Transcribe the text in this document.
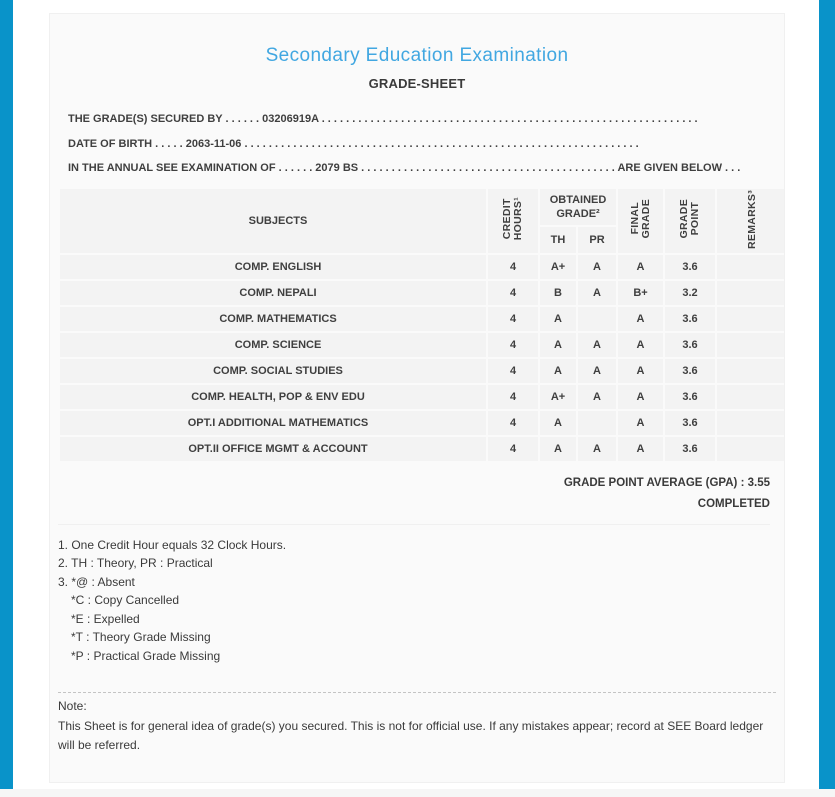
Secondary Education Examination
GRADE-SHEET
THE GRADE(S) SECURED BY . . . . . . 03206919A . . . . . . . . . . . . . . . . . . . . . . . . . . . . . . . . . . . . . . . . . . . . . . . . . . . . . . . . . . . . . .
DATE OF BIRTH . . . . . 2063-11-06 . . . . . . . . . . . . . . . . . . . . . . . . . . . . . . . . . . . . . . . . . . . . . . . . . . . . . . . . . . . . . . . . .
IN THE ANNUAL SEE EXAMINATION OF . . . . . . 2079 BS . . . . . . . . . . . . . . . . . . . . . . . . . . . . . . . . . . . . . . . . . . ARE GIVEN BELOW . . .
SUBJECTS	CREDIT HOURS¹	OBTAINED GRADE²		FINAL GRADE	GRADE POINT	REMARKS³

		TH	PR			
COMP. ENGLISH	4	A+	A	A	3.6	
COMP. NEPALI	4	B	A	B+	3.2	
COMP. MATHEMATICS	4	A		A	3.6	
COMP. SCIENCE	4	A	A	A	3.6	
COMP. SOCIAL STUDIES	4	A	A	A	3.6	
COMP. HEALTH, POP & ENV EDU	4	A+	A	A	3.6	
OPT.I ADDITIONAL MATHEMATICS	4	A		A	3.6	
OPT.II OFFICE MGMT & ACCOUNT	4	A	A	A	3.6	
GRADE POINT AVERAGE (GPA) : 3.55
COMPLETED
1. One Credit Hour equals 32 Clock Hours.
2. TH : Theory, PR : Practical
3. *@ : Absent
*C : Copy Cancelled
*E : Expelled
*T : Theory Grade Missing
*P : Practical Grade Missing
Note:
This Sheet is for general idea of grade(s) you secured. This is not for official use. If any mistakes appear; record at SEE Board ledger will be referred.
